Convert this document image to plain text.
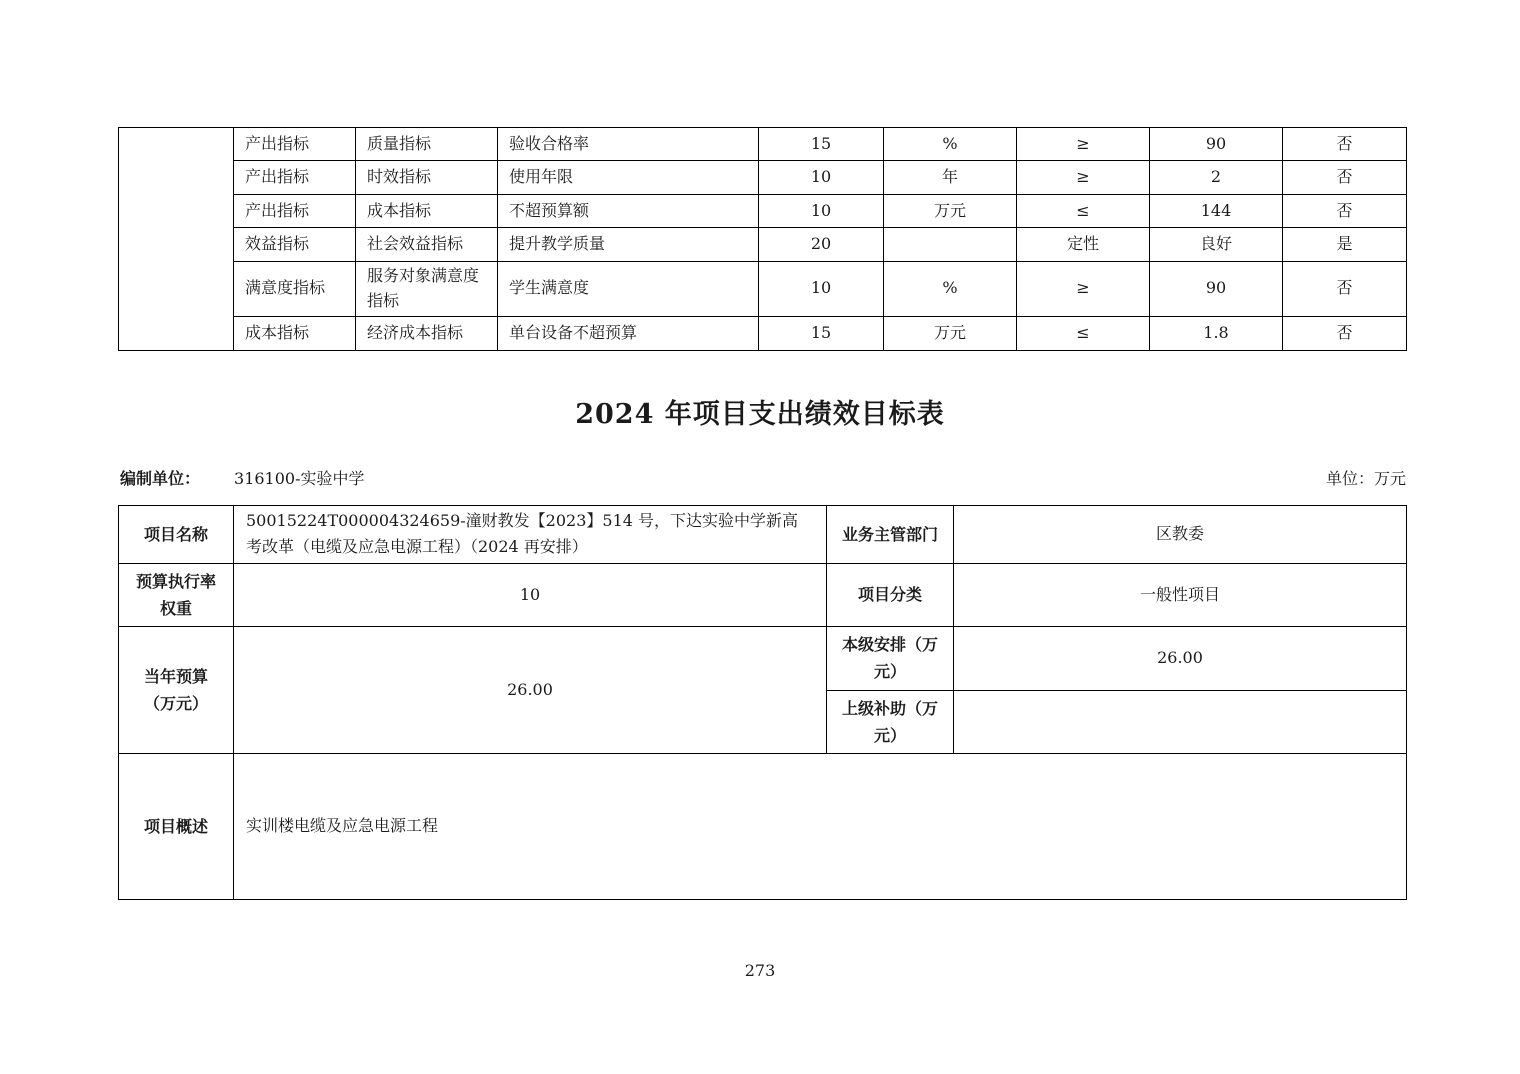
	产出指标	质量指标	验收合格率	15	%	≥	90	否
	产出指标	时效指标	使用年限	10	年	≥	2	否
	产出指标	成本指标	不超预算额	10	万元	≤	144	否
	效益指标	社会效益指标	提升教学质量	20		定性	良好	是
	满意度指标	服务对象满意度指标	学生满意度	10	%	≥	90	否
	成本指标	经济成本指标	单台设备不超预算	15	万元	≤	1.8	否
2024 年项目支出绩效目标表
编制单位： 316100-实验中学	单位：万元
项目名称	50015224T000004324659-潼财教发【2023】514 号，下达实验中学新高考改革（电缆及应急电源工程）（2024 再安排）	业务主管部门	区教委
预算执行率权重	10	项目分类	一般性项目
当年预算（万元）	26.00	本级安排（万元）	26.00
		上级补助（万元）	
项目概述	实训楼电缆及应急电源工程		
273
